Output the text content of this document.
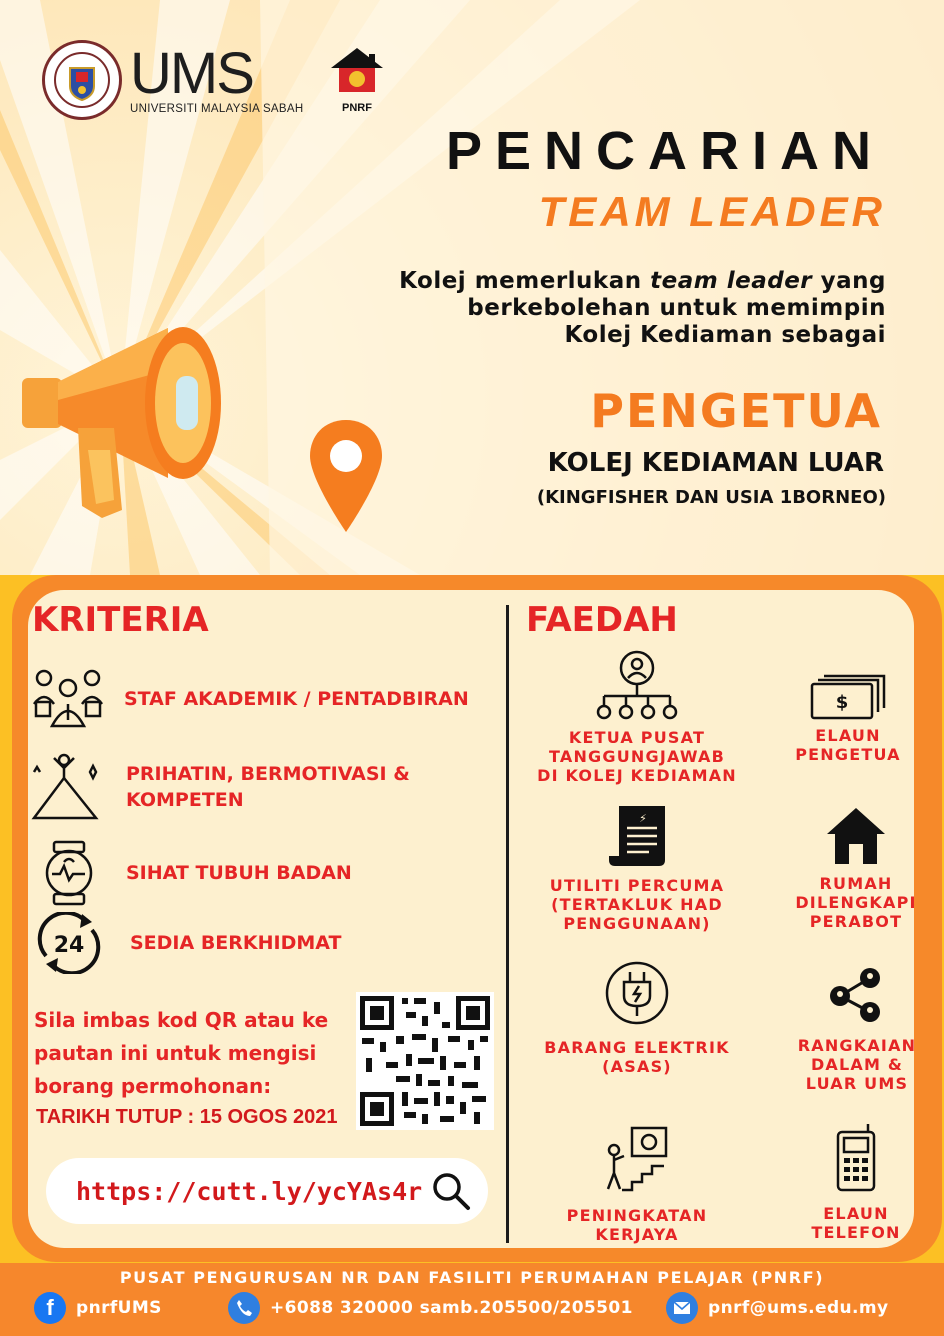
UMS
UNIVERSITI MALAYSIA SABAH	PNRF
PENCARIAN
TEAM LEADER
Kolej memerlukan team leader yang
berkebolehan untuk memimpin
Kolej Kediaman sebagai
PENGETUA
KOLEJ KEDIAMAN LUAR
(KINGFISHER DAN USIA 1BORNEO)
KRITERIA
STAF AKADEMIK / PENTADBIRAN
PRIHATIN, BERMOTIVASI &
KOMPETEN
SIHAT TUBUH BADAN
24 SEDIA BERKHIDMAT
Sila imbas kod QR atau ke
pautan ini untuk mengisi
borang permohonan:
TARIKH TUTUP : 15 OGOS 2021
https://cutt.ly/ycYAs4r
FAEDAH
KETUA PUSAT
TANGGUNGJAWAB
DI KOLEJ KEDIAMAN
$
ELAUN
PENGETUA
⚡
UTILITI PERCUMA
(TERTAKLUK HAD
PENGGUNAAN)
RUMAH
DILENGKAPI
PERABOT
BARANG ELEKTRIK
(ASAS)
RANGKAIAN
DALAM &
LUAR UMS
PENINGKATAN
KERJAYA
ELAUN
TELEFON
PUSAT PENGURUSAN NR DAN FASILITI PERUMAHAN PELAJAR (PNRF)
f pnrfUMS	+6088 320000 samb.205500/205501	pnrf@ums.edu.my
